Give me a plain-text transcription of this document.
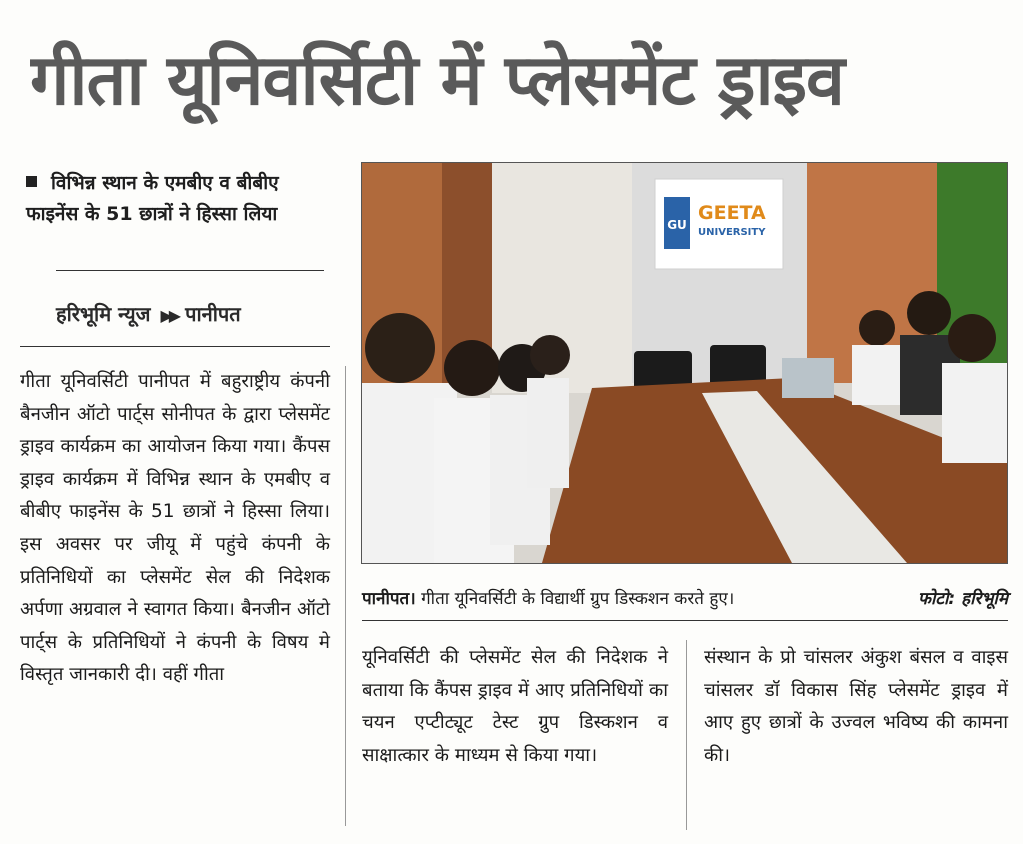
गीता यूनिवर्सिटी में प्लेसमेंट ड्राइव
विभिन्न स्थान के एमबीए व बीबीए फाइनेंस के 51 छात्रों ने हिस्सा लिया
हरिभूमि न्यूज ▶▶ पानीपत
गीता यूनिवर्सिटी पानीपत में बहुराष्ट्रीय कंपनी बैनजीन ऑटो पार्ट्स सोनीपत के द्वारा प्लेसमेंट ड्राइव कार्यक्रम का आयोजन किया गया। कैंपस ड्राइव कार्यक्रम में विभिन्न स्थान के एमबीए व बीबीए फाइनेंस के 51 छात्रों ने हिस्सा लिया। इस अवसर पर जीयू में पहुंचे कंपनी के प्रतिनिधियों का प्लेसमेंट सेल की निदेशक अर्पणा अग्रवाल ने स्वागत किया। बैनजीन ऑटो पार्ट्स के प्रतिनिधियों ने कंपनी के विषय मे विस्तृत जानकारी दी। वहीं गीता
GU
GEETA
UNIVERSITY
पानीपत। गीता यूनिवर्सिटी के विद्यार्थी ग्रुप डिस्कशन करते हुए।	फोटो: हरिभूमि
यूनिवर्सिटी की प्लेसमेंट सेल की निदेशक ने बताया कि कैंपस ड्राइव में आए प्रतिनिधियों का चयन एप्टीट्यूट टेस्ट ग्रुप डिस्कशन व साक्षात्कार के माध्यम से किया गया।
संस्थान के प्रो चांसलर अंकुश बंसल व वाइस चांसलर डॉ विकास सिंह प्लेसमेंट ड्राइव में आए हुए छात्रों के उज्वल भविष्य की कामना की।
